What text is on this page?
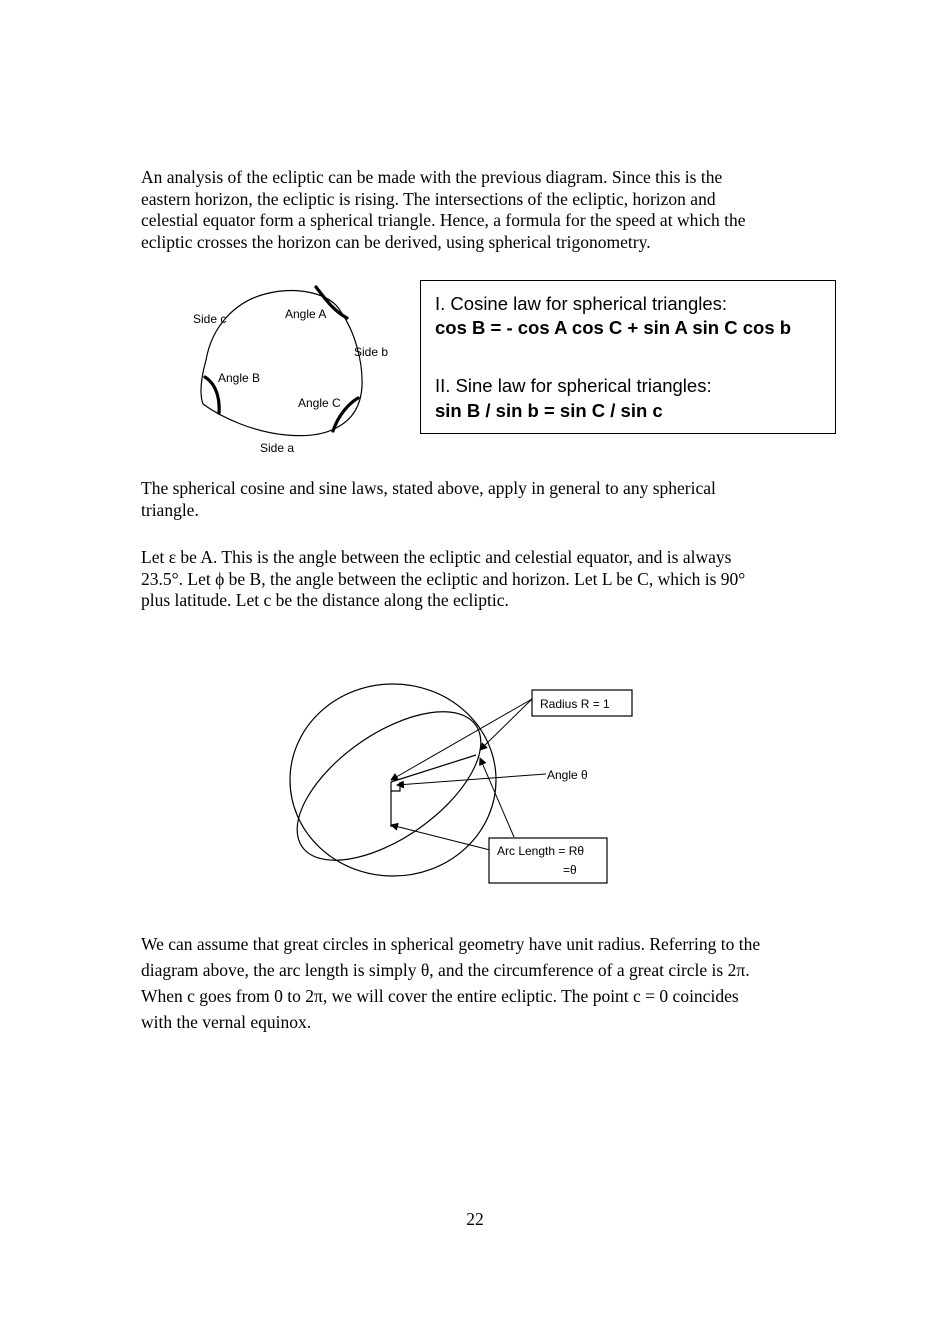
An analysis of the ecliptic can be made with the previous diagram. Since this is the
eastern horizon, the ecliptic is rising. The intersections of the ecliptic, horizon and
celestial equator form a spherical triangle. Hence, a formula for the speed at which the
ecliptic crosses the horizon can be derived, using spherical trigonometry.
Side c	Angle A
Side b
Angle B
Angle C
Side a
I. Cosine law for spherical triangles:
cos B = - cos A cos C + sin A sin C cos b
II. Sine law for spherical triangles:
sin B / sin b = sin C / sin c
The spherical cosine and sine laws, stated above, apply in general to any spherical
triangle.
Let ε be A. This is the angle between the ecliptic and celestial equator, and is always
23.5°. Let ϕ be B, the angle between the ecliptic and horizon. Let L be C, which is 90°
plus latitude. Let c be the distance along the ecliptic.
Radius R = 1
Angle θ
Arc Length = Rθ
=θ
We can assume that great circles in spherical geometry have unit radius. Referring to the
diagram above, the arc length is simply θ, and the circumference of a great circle is 2π.
When c goes from 0 to 2π, we will cover the entire ecliptic. The point c = 0 coincides
with the vernal equinox.
22
